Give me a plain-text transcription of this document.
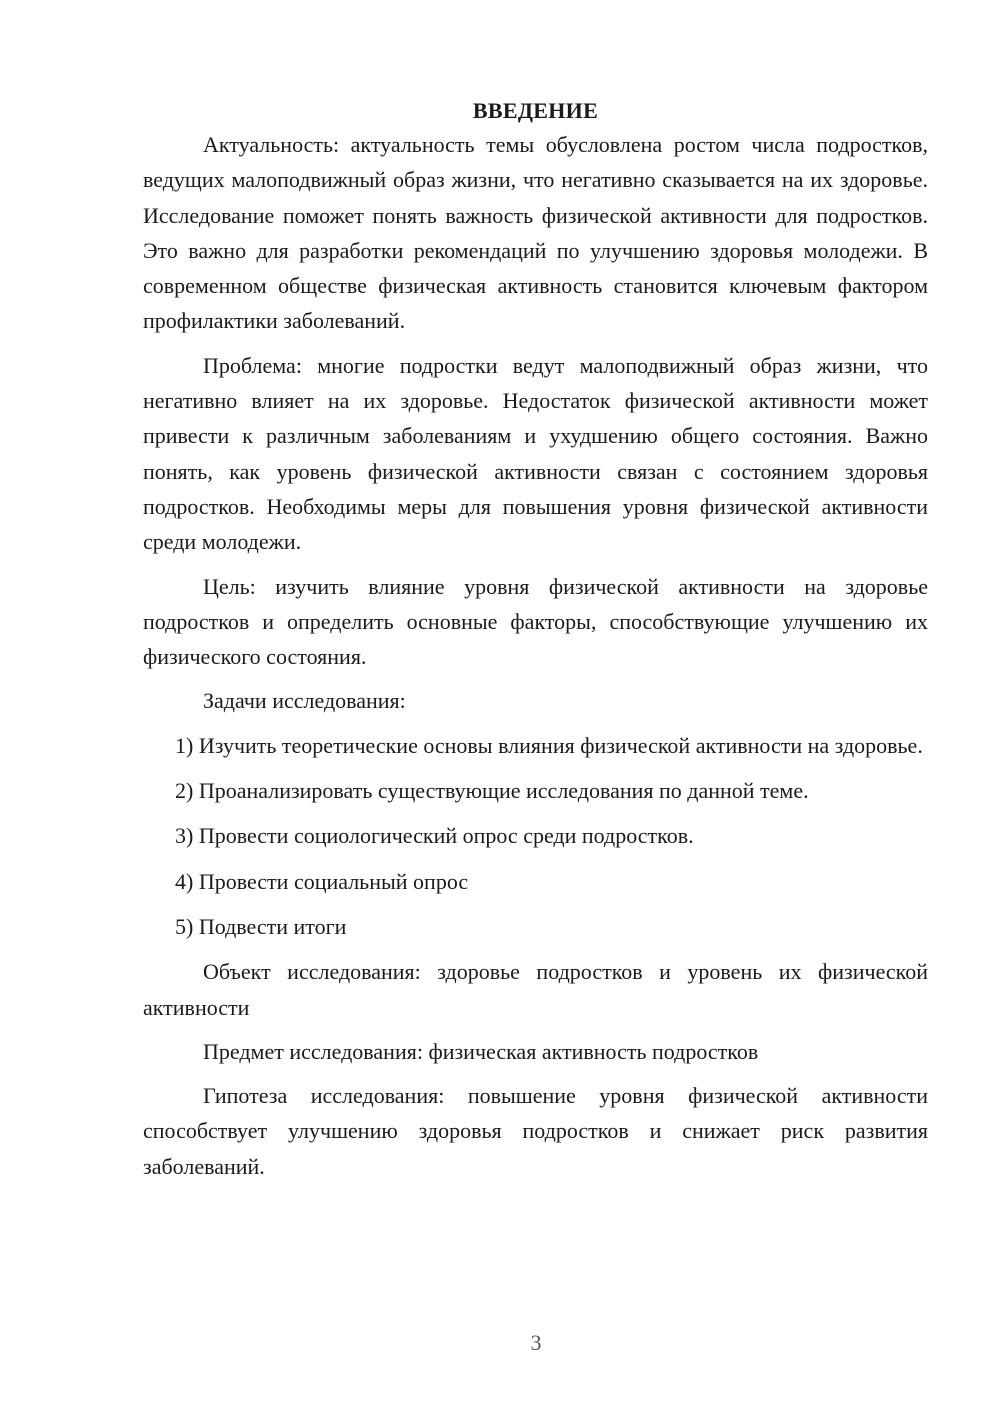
ВВЕДЕНИЕ

Актуальность: актуальность темы обусловлена ростом числа подростков, ведущих малоподвижный образ жизни, что негативно сказывается на их здоровье. Исследование поможет понять важность физической активности для подростков. Это важно для разработки рекомендаций по улучшению здоровья молодежи. В современном обществе физическая активность становится ключевым фактором профилактики заболеваний.

Проблема: многие подростки ведут малоподвижный образ жизни, что негативно влияет на их здоровье. Недостаток физической активности может привести к различным заболеваниям и ухудшению общего состояния. Важно понять, как уровень физической активности связан с состоянием здоровья подростков. Необходимы меры для повышения уровня физической активности среди молодежи.

Цель: изучить влияние уровня физической активности на здоровье подростков и определить основные факторы, способствующие улучшению их физического состояния.

Задачи исследования:

1) Изучить теоретические основы влияния физической активности на здоровье.

2) Проанализировать существующие исследования по данной теме.

3) Провести социологический опрос среди подростков.

4) Провести социальный опрос

5) Подвести итоги

Объект исследования: здоровье подростков и уровень их физической активности

Предмет исследования: физическая активность подростков

Гипотеза исследования: повышение уровня физической активности способствует улучшению здоровья подростков и снижает риск развития заболеваний.

3
